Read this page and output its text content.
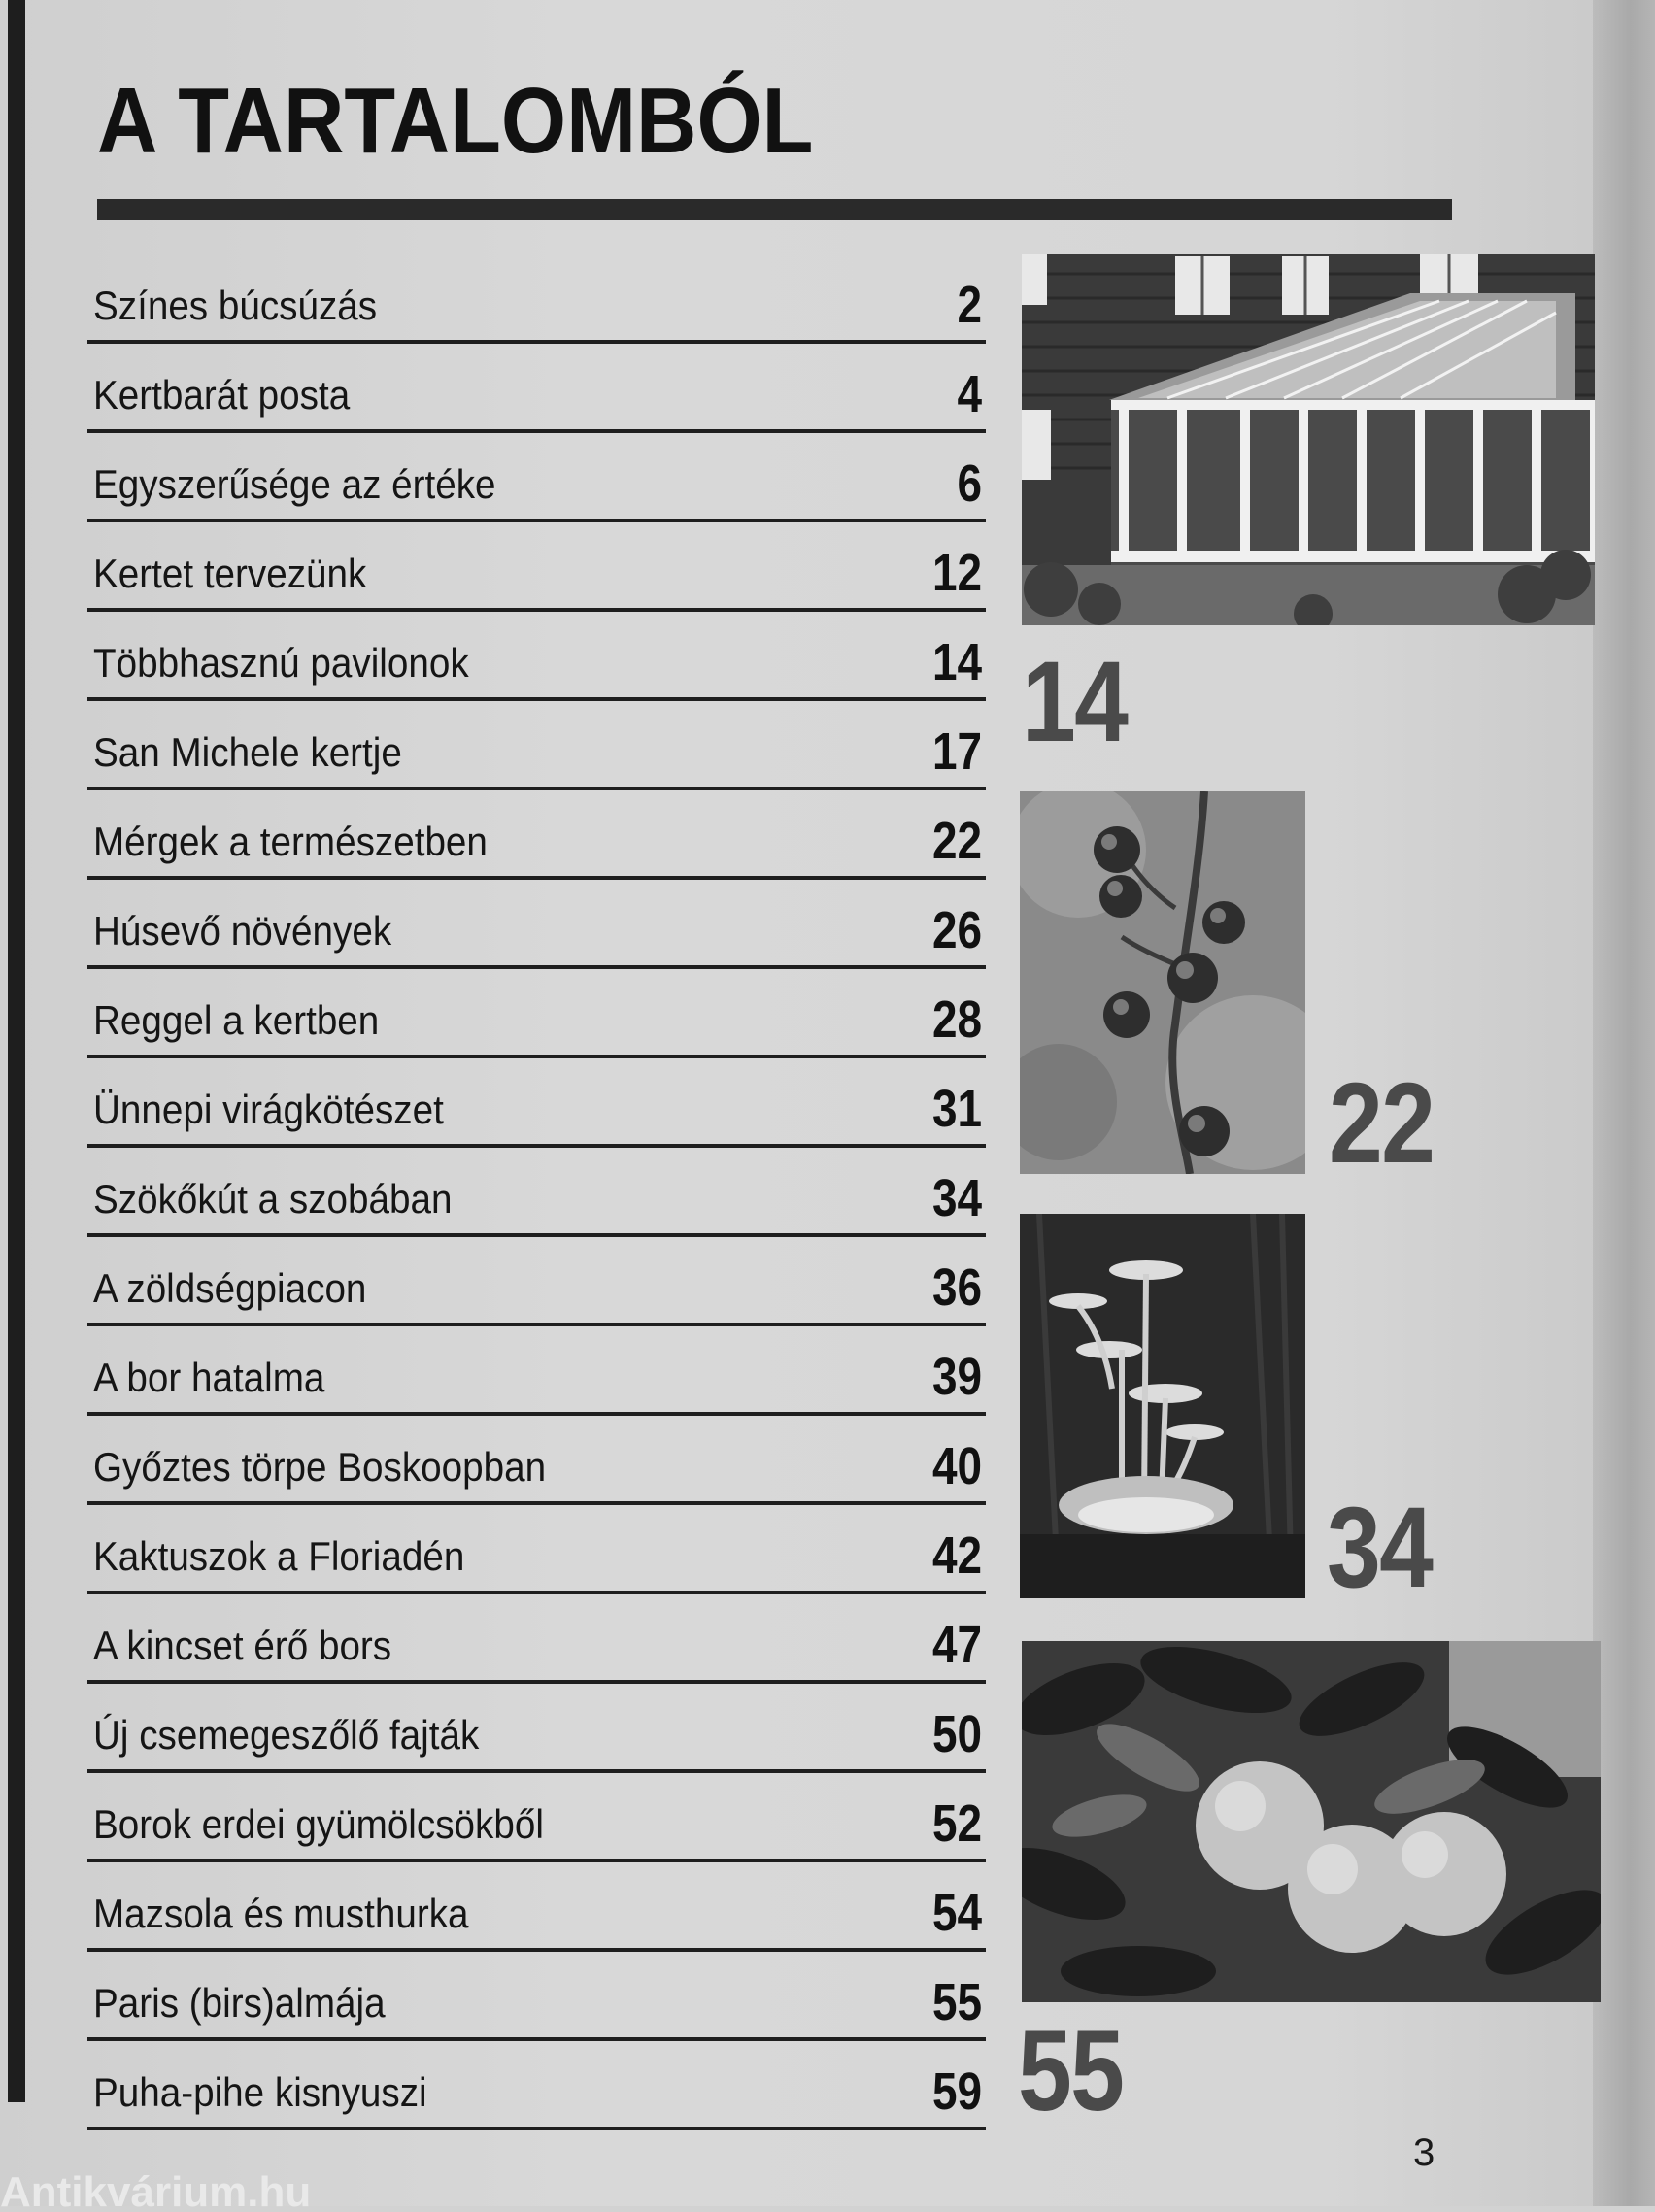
A TARTALOMBÓL
Színes búcsúzás	2
Kertbarát posta	4
Egyszerűsége az értéke	6
Kertet tervezünk	12
Többhasznú pavilonok	14
San Michele kertje	17
Mérgek a természetben	22
Húsevő növények	26
Reggel a kertben	28
Ünnepi virágkötészet	31
Szökőkút a szobában	34
A zöldségpiacon	36
A bor hatalma	39
Győztes törpe Boskoopban	40
Kaktuszok a Floriadén	42
A kincset érő bors	47
Új csemegeszőlő fajták	50
Borok erdei gyümölcsökből	52
Mazsola és musthurka	54
Paris (birs)almája	55
Puha-pihe kisnyuszi	59
14
22
34
55
3
Antikvárium.hu
